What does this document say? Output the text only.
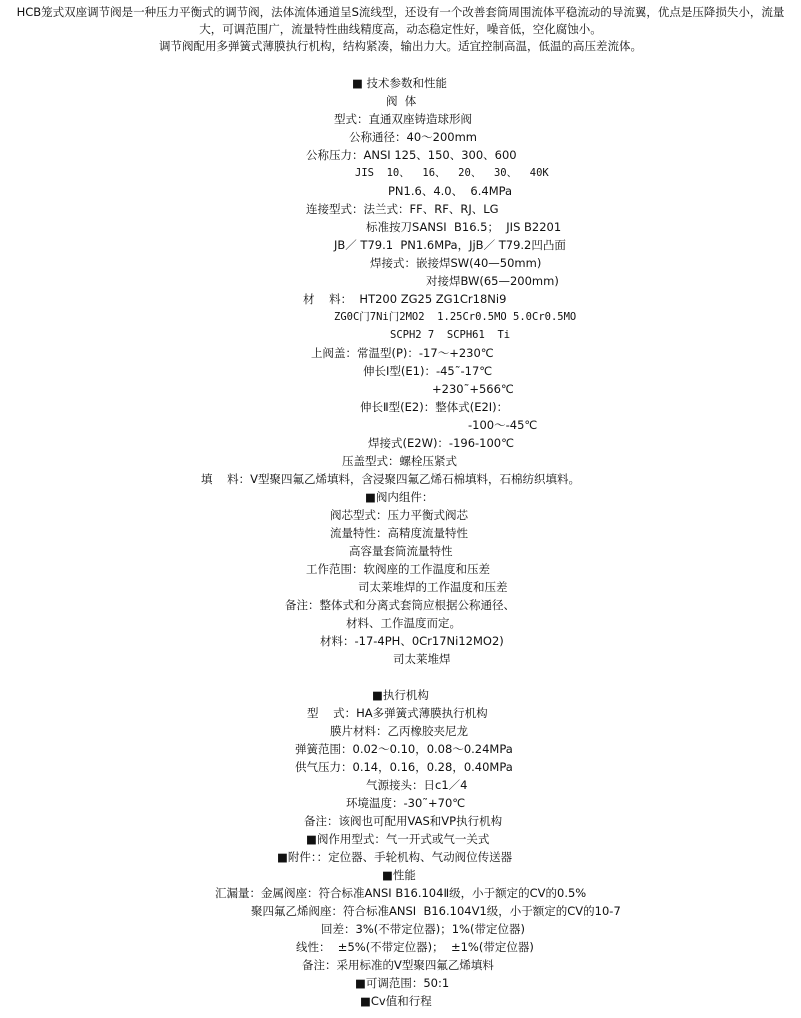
HCB笼式双座调节阀是一种压力平衡式的调节阀，法体流体通道呈S流线型，还设有一个改善套筒周围流体平稳流动的导流翼，优点是压降损失小，流量
大，可调范围广，流量特性曲线精度高，动态稳定性好，噪音低，空化腐蚀小。
调节阀配用多弹簧式薄膜执行机构，结构紧凑，输出力大。适宜控制高温，低温的高压差流体。
■ 技术参数和性能
阀  体
型式：直通双座铸造球形阀
公称通径：40～200mm
公称压力：ANSI 125、150、300、600
JIS  10、  16、  20、  30、  40K
PN1.6、4.0、  6.4MPa
连接型式：法兰式：FF、RF、RJ、LG
标准按刀SANSI  B16.5；  JIS B2201
JB／ T79.1  PN1.6MPa，JjB／ T79.2凹凸面
焊接式：嵌接焊SW(40—50mm)
对接焊BW(65—200mm)
材    料：  HT200 ZG25 ZG1Cr18Ni9
ZG0C门7Ni门2MO2  1.25Cr0.5MO 5.0Cr0.5MO
SCPH2 7  SCPH61  Ti
上阀盖：常温型(P)：-17～+230℃
伸长I型(E1)：-45˜-17℃
+230˜+566℃
伸长Ⅱ型(E2)：整体式(E2I)：
-100～-45℃
焊接式(E2W)：-196-100℃
压盖型式：螺栓压紧式
填    料：V型聚四氟乙烯填料，含浸聚四氟乙烯石棉填料，石棉纺织填料。
■阀内组件：
阀芯型式：压力平衡式阀芯
流量特性：高精度流量特性
高容量套筒流量特性
工作范围：软阀座的工作温度和压差
司太莱堆焊的工作温度和压差
备注：整体式和分离式套筒应根据公称通径、
材料、工作温度而定。
材料：-17-4PH、0Cr17Ni12MO2)
司太莱堆焊
■执行机构
型    式：HA多弹簧式薄膜执行机构
膜片材料：乙丙橡胶夹尼龙
弹簧范围：0.02～0.10，0.08～0.24MPa
供气压力：0.14，0.16，0.28，0.40MPa
气源接头：日c1／4
环境温度：-30˜+70℃
备注：该阀也可配用VAS和VP执行机构
■阀作用型式：气一开式或气一关式
■附件：：定位器、手轮机构、气动阀位传送器
■性能
汇漏量：金属阀座：符合标准ANSI B16.104Ⅱ级，小于额定的CV的0.5%
聚四氟乙烯阀座：符合标准ANSI  B16.104V1级，小于额定的CV的10-7
回差：3%(不带定位器)；1%(带定位器)
线性：  ±5%(不带定位器)；  ±1%(带定位器)
备注：采用标准的V型聚四氟乙烯填料
■可调范围：50:1
■Cv值和行程
